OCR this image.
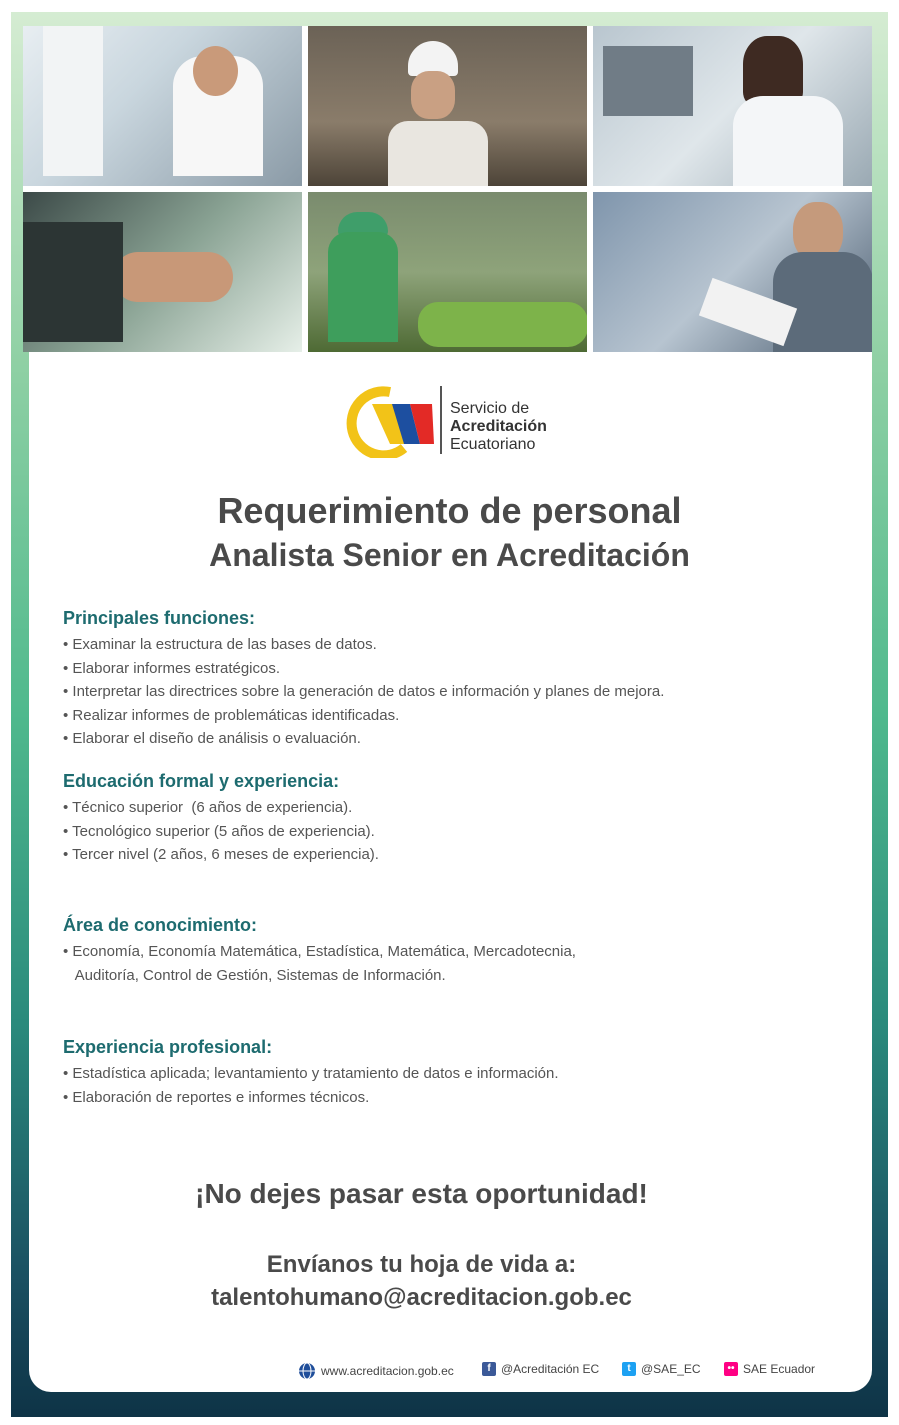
Servicio de
Acreditación
Ecuatoriano
Requerimiento de personal
Analista Senior en Acreditación
Principales funciones:
• Examinar la estructura de las bases de datos.
• Elaborar informes estratégicos.
• Interpretar las directrices sobre la generación de datos e información y planes de mejora.
• Realizar informes de problemáticas identificadas.
• Elaborar el diseño de análisis o evaluación.
Educación formal y experiencia:
• Técnico superior  (6 años de experiencia).
• Tecnológico superior (5 años de experiencia).
• Tercer nivel (2 años, 6 meses de experiencia).
Área de conocimiento:
• Economía, Economía Matemática, Estadística, Matemática, Mercadotecnia,
Auditoría, Control de Gestión, Sistemas de Información.
Experiencia profesional:
• Estadística aplicada; levantamiento y tratamiento de datos e información.
• Elaboración de reportes e informes técnicos.
¡No dejes pasar esta oportunidad!
Envíanos tu hoja de vida a:
talentohumano@acreditacion.gob.ec
www.acreditacion.gob.ec	f @Acreditación EC	t @SAE_EC	•• SAE Ecuador
